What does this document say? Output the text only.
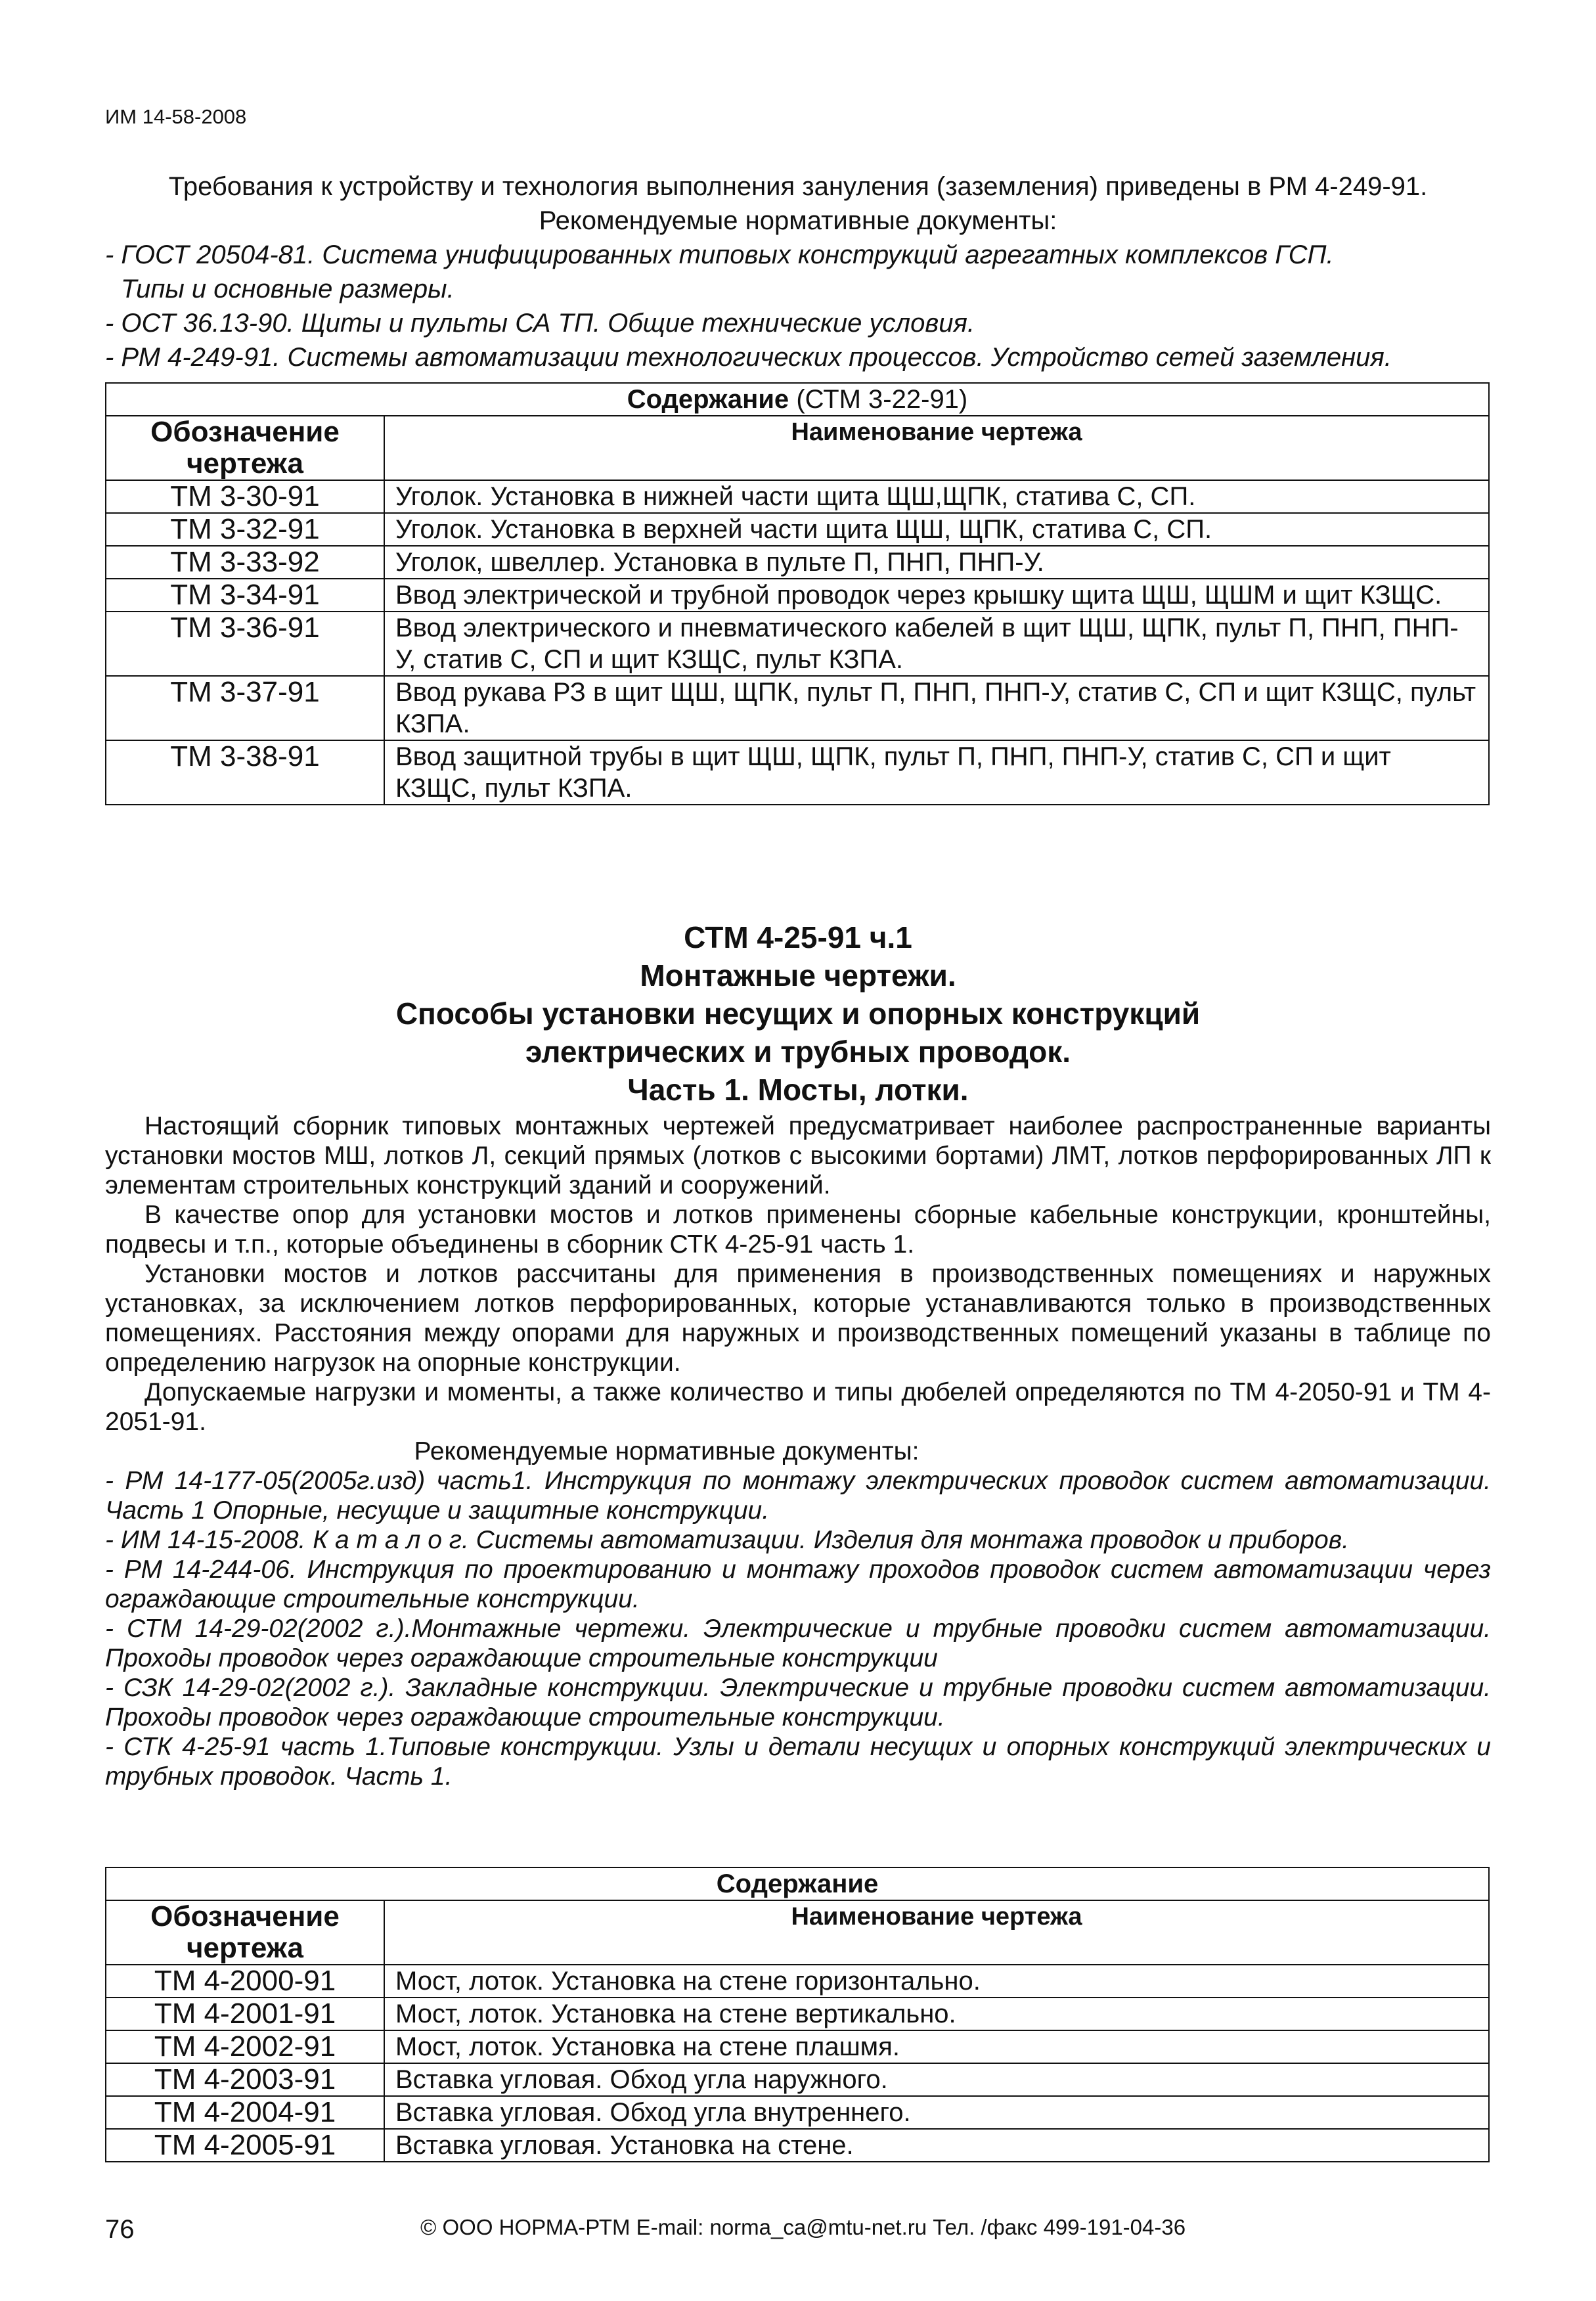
ИМ 14-58-2008
Требования к устройству и технология выполнения зануления (заземления) приведены в РМ 4-249-91.
Рекомендуемые нормативные документы:
- ГОСТ 20504-81. Система унифицированных типовых конструкций агрегатных комплексов ГСП.
Типы и основные размеры.
- ОСТ 36.13-90. Щиты и пульты СА ТП. Общие технические условия.
- РМ 4-249-91. Системы автоматизации технологических процессов. Устройство сетей заземления.
Содержание (СТМ 3-22-91)	
Обозначение чертежа	Наименование чертежа
ТМ 3-30-91	Уголок. Установка в нижней части щита ЩШ,ЩПК, статива С, СП.
ТМ 3-32-91	Уголок. Установка в верхней части щита ЩШ, ЩПК, статива С, СП.
ТМ 3-33-92	Уголок, швеллер. Установка в пульте П, ПНП, ПНП-У.
ТМ 3-34-91	Ввод электрической и трубной проводок через крышку щита ЩШ, ЩШМ и щит КЗЩС.
ТМ 3-36-91	Ввод электрического и пневматического кабелей в щит ЩШ, ЩПК, пульт П, ПНП, ПНП-У, статив С, СП и щит КЗЩС, пульт КЗПА.
ТМ 3-37-91	Ввод рукава РЗ в щит ЩШ, ЩПК, пульт П, ПНП, ПНП-У, статив С, СП и щит КЗЩС, пульт КЗПА.
ТМ 3-38-91	Ввод защитной трубы в щит ЩШ, ЩПК, пульт П, ПНП, ПНП-У, статив С, СП и щит КЗЩС, пульт КЗПА.
СТМ 4-25-91 ч.1
Монтажные чертежи.
Способы установки несущих и опорных конструкций
электрических и трубных проводок.
Часть 1. Мосты, лотки.
Настоящий сборник типовых монтажных чертежей предусматривает наиболее распространенные варианты установки мостов МШ, лотков Л, секций прямых (лотков с высокими бортами) ЛМТ, лотков перфорированных ЛП к элементам строительных конструкций зданий и сооружений.
В качестве опор для установки мостов и лотков применены сборные кабельные конструкции, кронштейны, подвесы и т.п., которые объединены в сборник СТК 4-25-91 часть 1.
Установки мостов и лотков рассчитаны для применения в производственных помещениях и наружных установках, за исключением лотков перфорированных, которые устанавливаются только в производственных помещениях. Расстояния между опорами для наружных и производственных помещений указаны в таблице по определению нагрузок на опорные конструкции.
Допускаемые нагрузки и моменты, а также количество и типы дюбелей определяются по ТМ 4-2050-91 и ТМ 4-2051-91.
Рекомендуемые нормативные документы:
- РМ 14-177-05(2005г.изд) часть1. Инструкция по монтажу электрических проводок систем автоматизации. Часть 1 Опорные, несущие и защитные конструкции.
- ИМ 14-15-2008. К а т а л о г. Системы автоматизации. Изделия для монтажа проводок и приборов.
- РМ 14-244-06. Инструкция по проектированию и монтажу проходов проводок систем автоматизации через ограждающие строительные конструкции.
- СТМ 14-29-02(2002 г.).Монтажные чертежи. Электрические и трубные проводки систем автоматизации. Проходы проводок через ограждающие строительные конструкции
- СЗК 14-29-02(2002 г.). Закладные конструкции. Электрические и трубные проводки систем автоматизации. Проходы проводок через ограждающие строительные конструкции.
- СТК 4-25-91 часть 1.Типовые конструкции. Узлы и детали несущих и опорных конструкций электрических и трубных проводок. Часть 1.
Содержание	
Обозначение чертежа	Наименование чертежа
ТМ 4-2000-91	Мост, лоток. Установка на стене горизонтально.
ТМ 4-2001-91	Мост, лоток. Установка на стене вертикально.
ТМ 4-2002-91	Мост, лоток. Установка на стене плашмя.
ТМ 4-2003-91	Вставка угловая. Обход угла наружного.
ТМ 4-2004-91	Вставка угловая. Обход угла внутреннего.
ТМ 4-2005-91	Вставка угловая. Установка на стене.
76	© ООО НОРМА-РТМ E-mail: norma_ca@mtu-net.ru Тел. /факс 499-191-04-36
